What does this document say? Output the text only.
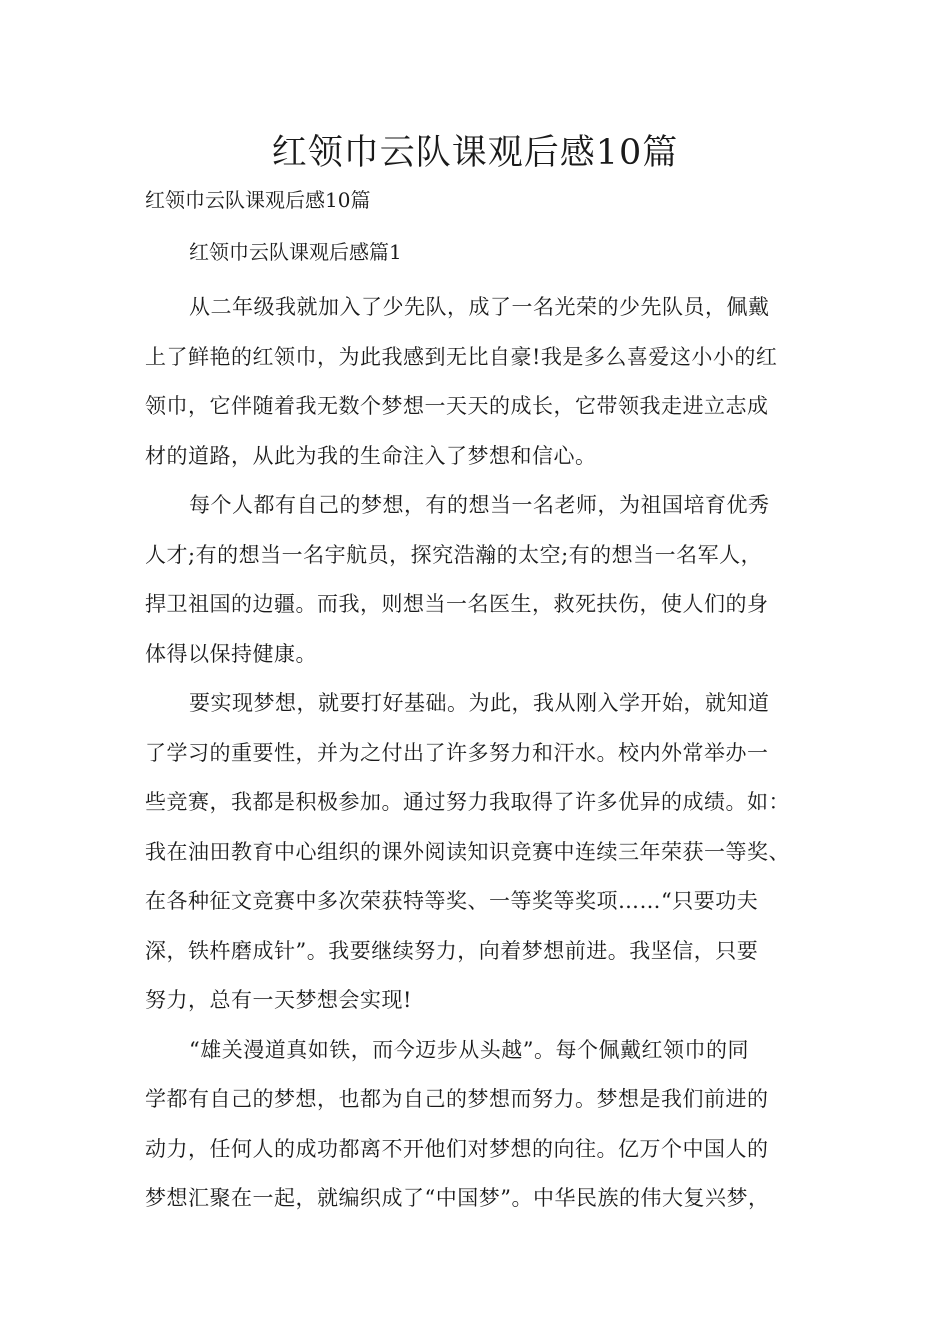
红领巾云队课观后感10篇
红领巾云队课观后感10篇
红领巾云队课观后感篇1

从二年级我就加入了少先队，成了一名光荣的少先队员，佩戴
上了鲜艳的红领巾，为此我感到无比自豪!我是多么喜爱这小小的红
领巾，它伴随着我无数个梦想一天天的成长，它带领我走进立志成
材的道路，从此为我的生命注入了梦想和信心。

每个人都有自己的梦想，有的想当一名老师，为祖国培育优秀
人才;有的想当一名宇航员，探究浩瀚的太空;有的想当一名军人，
捍卫祖国的边疆。而我，则想当一名医生，救死扶伤，使人们的身
体得以保持健康。

要实现梦想，就要打好基础。为此，我从刚入学开始，就知道
了学习的重要性，并为之付出了许多努力和汗水。校内外常举办一
些竞赛，我都是积极参加。通过努力我取得了许多优异的成绩。如：
我在油田教育中心组织的课外阅读知识竞赛中连续三年荣获一等奖、
在各种征文竞赛中多次荣获特等奖、一等奖等奖项……“只要功夫
深，铁杵磨成针”。我要继续努力，向着梦想前进。我坚信，只要
努力，总有一天梦想会实现!

“雄关漫道真如铁，而今迈步从头越”。每个佩戴红领巾的同
学都有自己的梦想，也都为自己的梦想而努力。梦想是我们前进的
动力，任何人的成功都离不开他们对梦想的向往。亿万个中国人的
梦想汇聚在一起，就编织成了“中国梦”。中华民族的伟大复兴梦，
